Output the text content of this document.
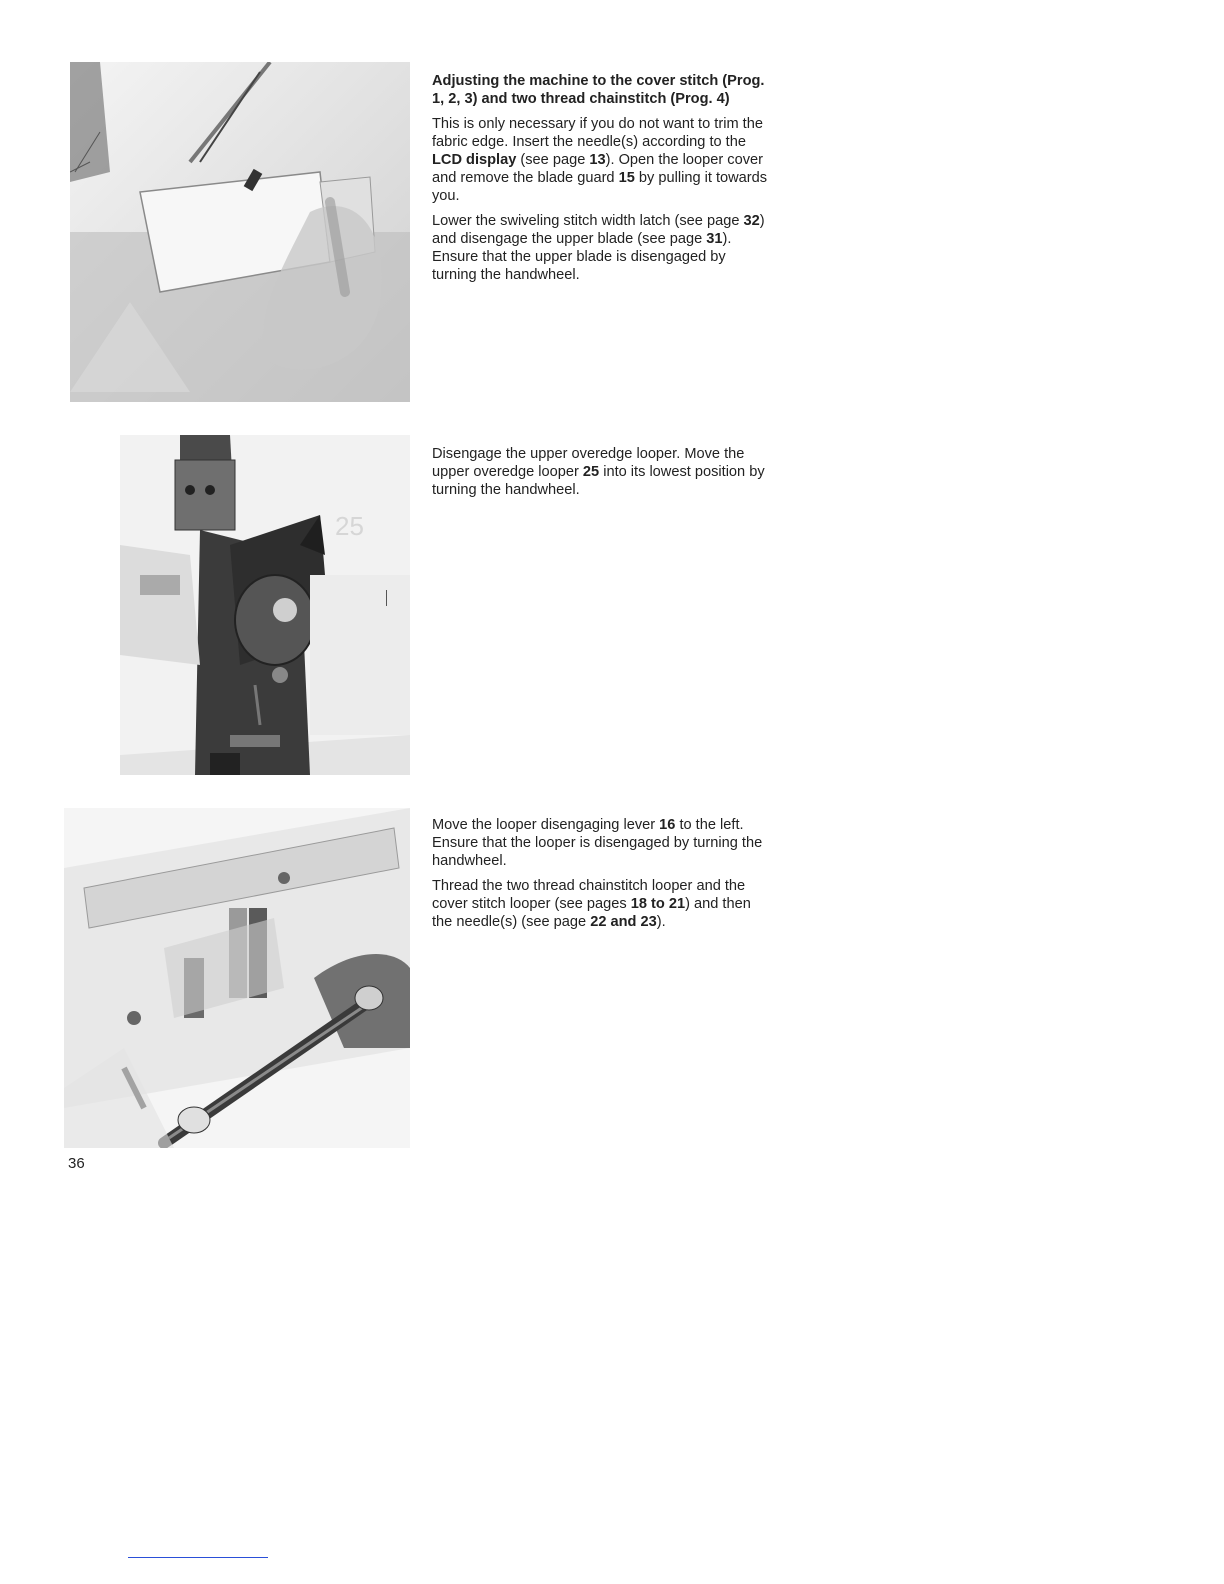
Adjusting the machine to the cover stitch (Prog. 1, 2, 3) and two thread chainstitch (Prog. 4)

This is only necessary if you do not want to trim the fabric edge. Insert the needle(s) according to the LCD display (see page 13). Open the looper cover and remove the blade guard 15 by pulling it towards you.

Lower the swiveling stitch width latch (see page 32) and disengage the upper blade (see page 31). Ensure that the upper blade is disengaged by turning the handwheel.

25

Disengage the upper overedge looper. Move the upper overedge looper 25 into its lowest position by turning the handwheel.

Move the looper disengaging lever 16 to the left. Ensure that the looper is disengaged by turning the handwheel.

Thread the two thread chainstitch looper and the cover stitch looper (see pages 18 to 21) and then the needle(s) (see page 22 and 23).

36
